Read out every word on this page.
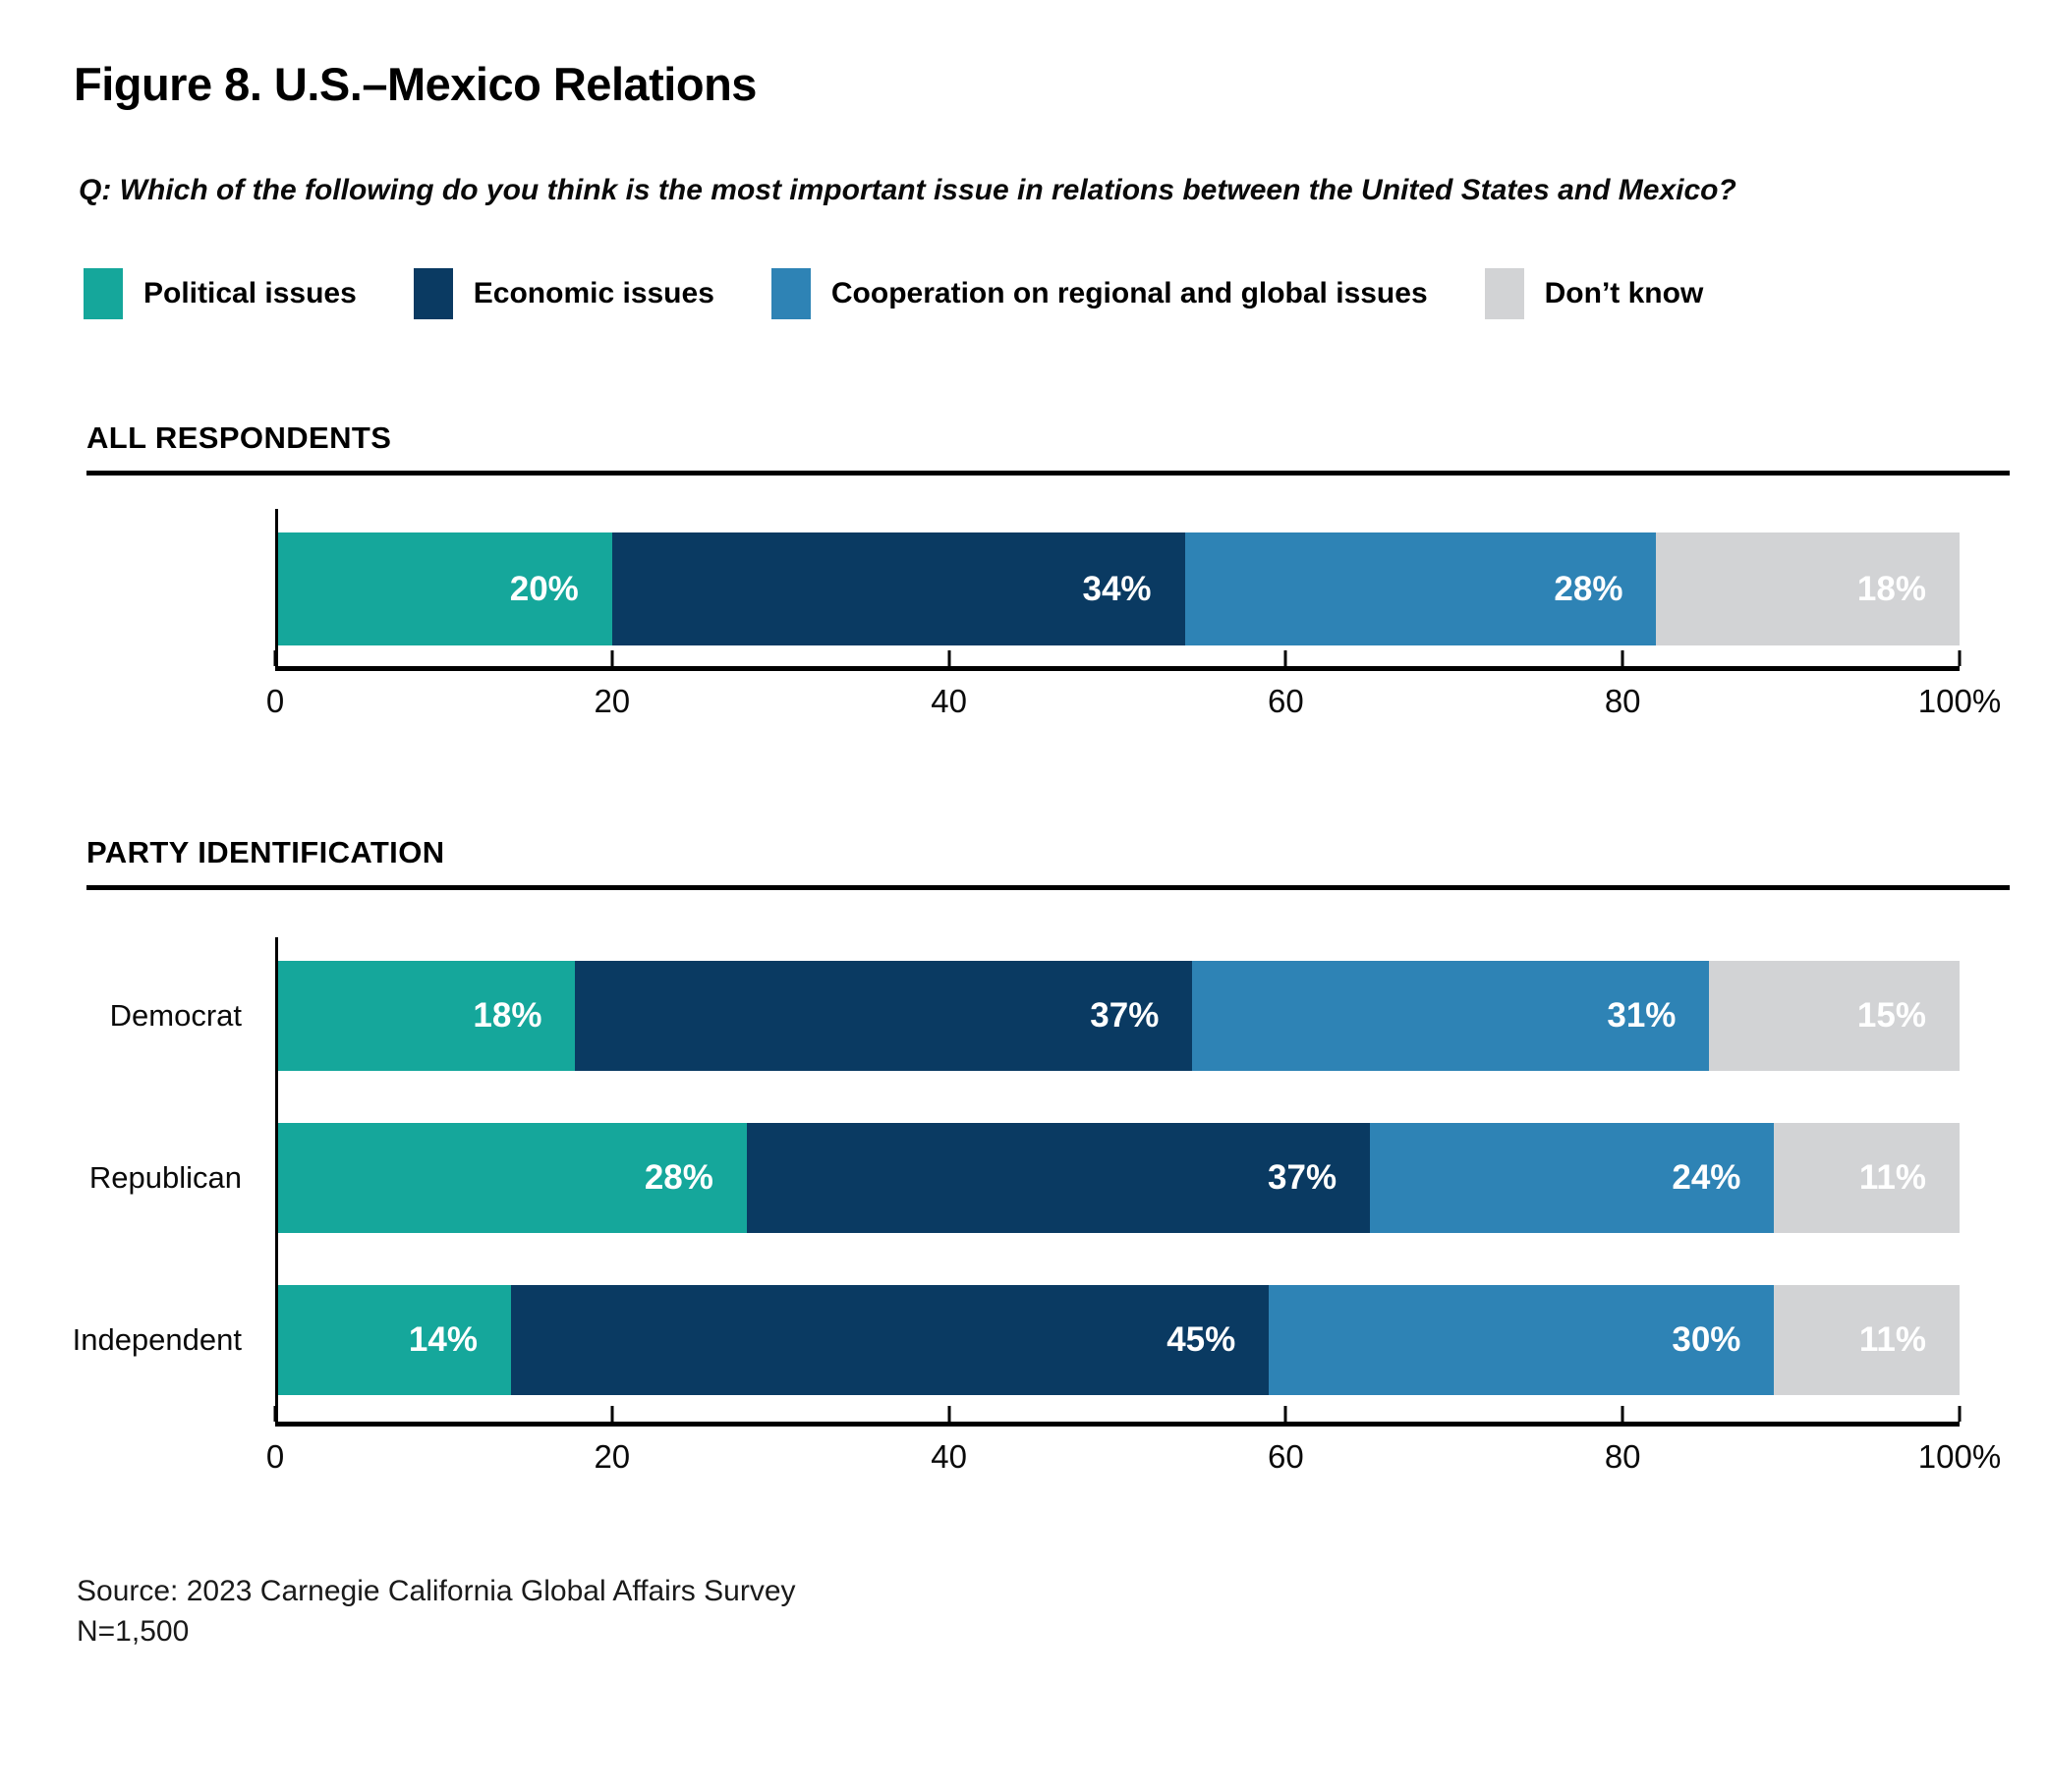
Figure 8. U.S.–Mexico Relations

Q: Which of the following do you think is the most important issue in relations between the United States and Mexico?

Political issues	Economic issues	Cooperation on regional and global issues	Don’t know
ALL RESPONDENTS
20%	34%	28%	18%
0	20	40	60	80	100%
PARTY IDENTIFICATION
Democrat	18%	37%	31%	15%
Republican	28%	37%	24%	11%
Independent	14%	45%	30%	11%
0	20	40	60	80	100%
Source: 2023 Carnegie California Global Affairs Survey
N=1,500
